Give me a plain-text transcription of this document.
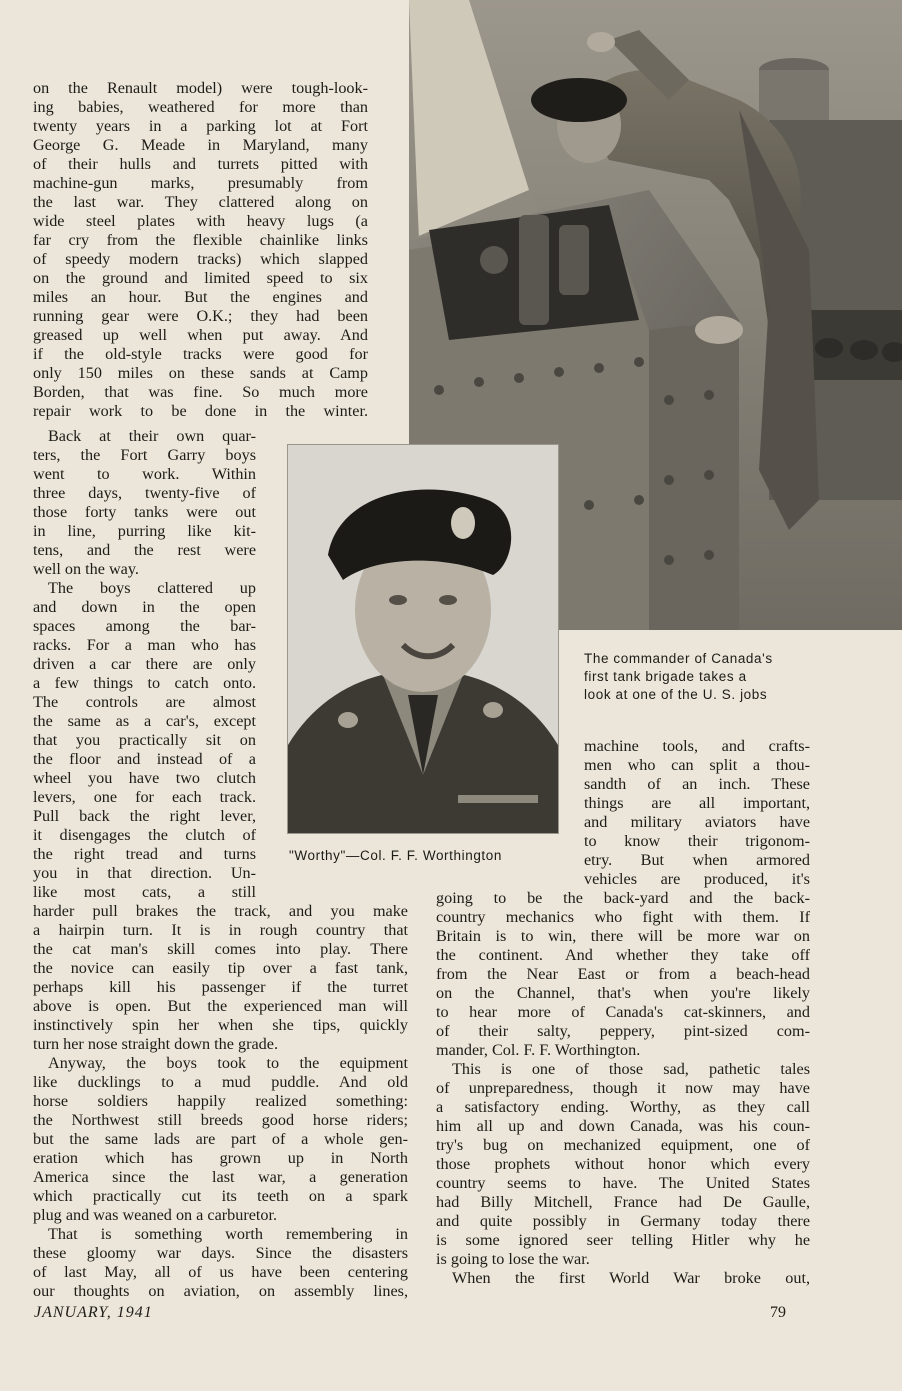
on the Renault model) were tough-look-
ing babies, weathered for more than
twenty years in a parking lot at Fort
George G. Meade in Maryland, many
of their hulls and turrets pitted with
machine-gun marks, presumably from
the last war. They clattered along on
wide steel plates with heavy lugs (a
far cry from the flexible chainlike links
of speedy modern tracks) which slapped
on the ground and limited speed to six
miles an hour. But the engines and
running gear were O.K.; they had been
greased up well when put away. And
if the old-style tracks were good for
only 150 miles on these sands at Camp
Borden, that was fine. So much more
repair work to be done in the winter.
Back at their own quar-
ters, the Fort Garry boys
went to work. Within
three days, twenty-five of
those forty tanks were out
in line, purring like kit-
tens, and the rest were
well on the way.
The boys clattered up
and down in the open
spaces among the bar-
racks. For a man who has
driven a car there are only
a few things to catch onto.
The controls are almost
the same as a car's, except
that you practically sit on
the floor and instead of a
wheel you have two clutch
levers, one for each track.
Pull back the right lever,
it disengages the clutch of
the right tread and turns
you in that direction. Un-
like most cats, a still
harder pull brakes the track, and you make
a hairpin turn. It is in rough country that
the cat man's skill comes into play. There
the novice can easily tip over a fast tank,
perhaps kill his passenger if the turret
above is open. But the experienced man will
instinctively spin her when she tips, quickly
turn her nose straight down the grade.
Anyway, the boys took to the equipment
like ducklings to a mud puddle. And old
horse soldiers happily realized something:
the Northwest still breeds good horse riders;
but the same lads are part of a whole gen-
eration which has grown up in North
America since the last war, a generation
which practically cut its teeth on a spark
plug and was weaned on a carburetor.
That is something worth remembering in
these gloomy war days. Since the disasters
of last May, all of us have been centering
our thoughts on aviation, on assembly lines,
The commander of Canada's
first tank brigade takes a
look at one of the U. S. jobs
"Worthy"—Col. F. F. Worthington
machine tools, and crafts-
men who can split a thou-
sandth of an inch. These
things are all important,
and military aviators have
to know their trigonom-
etry. But when armored
vehicles are produced, it's
going to be the back-yard and the back-
country mechanics who fight with them. If
Britain is to win, there will be more war on
the continent. And whether they take off
from the Near East or from a beach-head
on the Channel, that's when you're likely
to hear more of Canada's cat-skinners, and
of their salty, peppery, pint-sized com-
mander, Col. F. F. Worthington.
This is one of those sad, pathetic tales
of unpreparedness, though it now may have
a satisfactory ending. Worthy, as they call
him all up and down Canada, was his coun-
try's bug on mechanized equipment, one of
those prophets without honor which every
country seems to have. The United States
had Billy Mitchell, France had De Gaulle,
and quite possibly in Germany today there
is some ignored seer telling Hitler why he
is going to lose the war.
When the first World War broke out,
JANUARY, 1941	79
